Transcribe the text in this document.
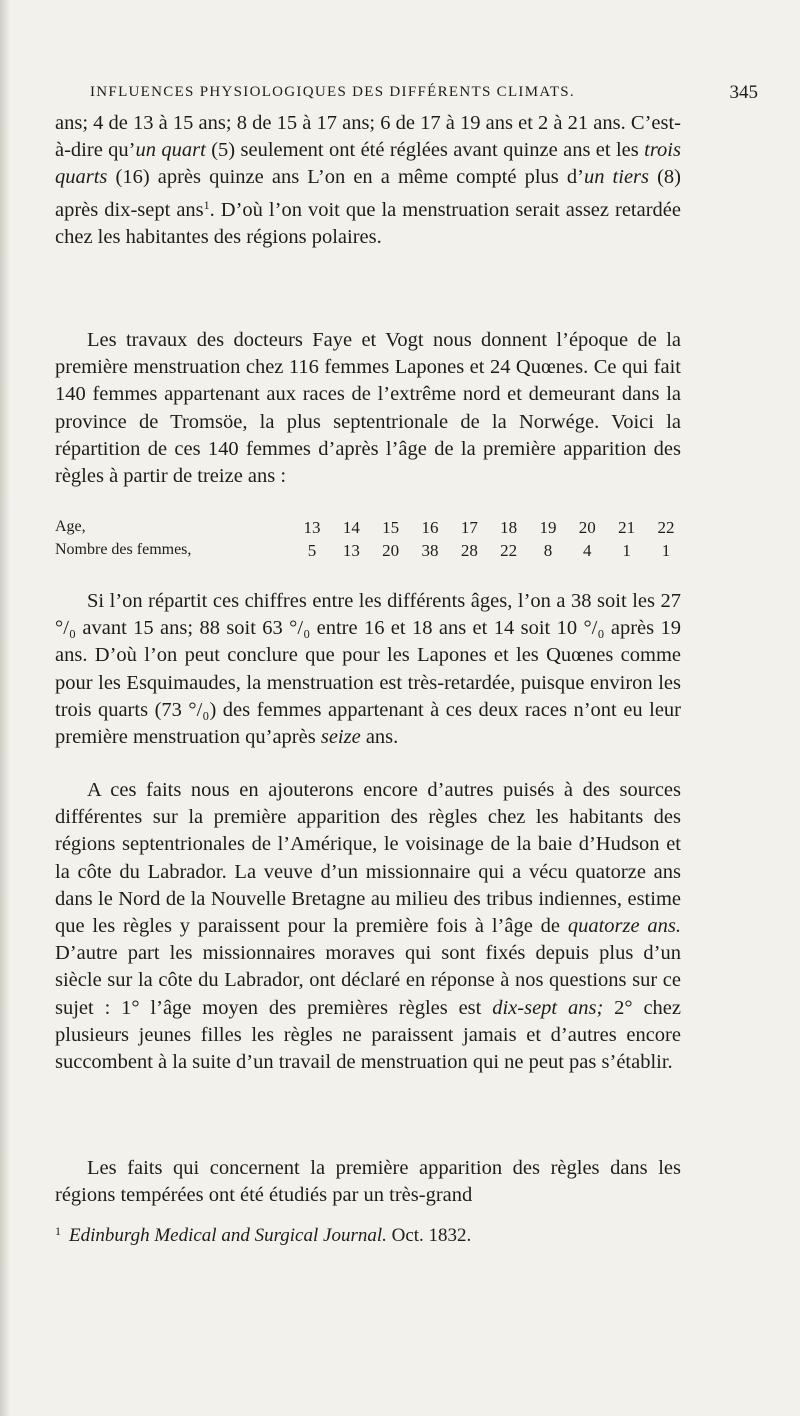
INFLUENCES PHYSIOLOGIQUES DES DIFFÉRENTS CLIMATS.	345

ans; 4 de 13 à 15 ans; 8 de 15 à 17 ans; 6 de 17 à 19 ans et 2 à 21 ans. C’est-à-dire qu’un quart (5) seulement ont été réglées avant quinze ans et les trois quarts (16) après quinze ans L’on en a même compté plus d’un tiers (8) après dix-sept ans$^1$. D’où l’on voit que la menstruation serait assez retardée chez les habitantes des régions polaires.

Les travaux des docteurs Faye et Vogt nous donnent l’époque de la première menstruation chez 116 femmes Lapones et 24 Quœnes. Ce qui fait 140 femmes appartenant aux races de l’extrême nord et demeurant dans la province de Tromsöe, la plus septentrionale de la Norwége. Voici la répartition de ces 140 femmes d’après l’âge de la première apparition des règles à partir de treize ans :

Age,	13 14 15 16 17 18 19 20 21 22
Nombre des femmes,	5	13 20 38 28 22	8	4	1	1

Si l’on répartit ces chiffres entre les différents âges, l’on a 38 soit les 27 °/₀ avant 15 ans; 88 soit 63 °/₀ entre 16 et 18 ans et 14 soit 10 °/₀ après 19 ans. D’où l’on peut conclure que pour les Lapones et les Quœnes comme pour les Esquimaudes, la menstruation est très-retardée, puisque environ les trois quarts (73 °/₀) des femmes appartenant à ces deux races n’ont eu leur première menstruation qu’après seize ans.

A ces faits nous en ajouterons encore d’autres puisés à des sources différentes sur la première apparition des règles chez les habitants des régions septentrionales de l’Amérique, le voisinage de la baie d’Hudson et la côte du Labrador. La veuve d’un missionnaire qui a vécu quatorze ans dans le Nord de la Nouvelle Bretagne au milieu des tribus indiennes, estime que les règles y paraissent pour la première fois à l’âge de quatorze ans. D’autre part les missionnaires moraves qui sont fixés depuis plus d’un siècle sur la côte du Labrador, ont déclaré en réponse à nos questions sur ce sujet : 1° l’âge moyen des premières règles est dix-sept ans; 2° chez plusieurs jeunes filles les règles ne paraissent jamais et d’autres encore succombent à la suite d’un travail de menstruation qui ne peut pas s’établir.

Les faits qui concernent la première apparition des règles dans les régions tempérées ont été étudiés par un très-grand

$^1$ Edinburgh Medical and Surgical Journal. Oct. 1832.
